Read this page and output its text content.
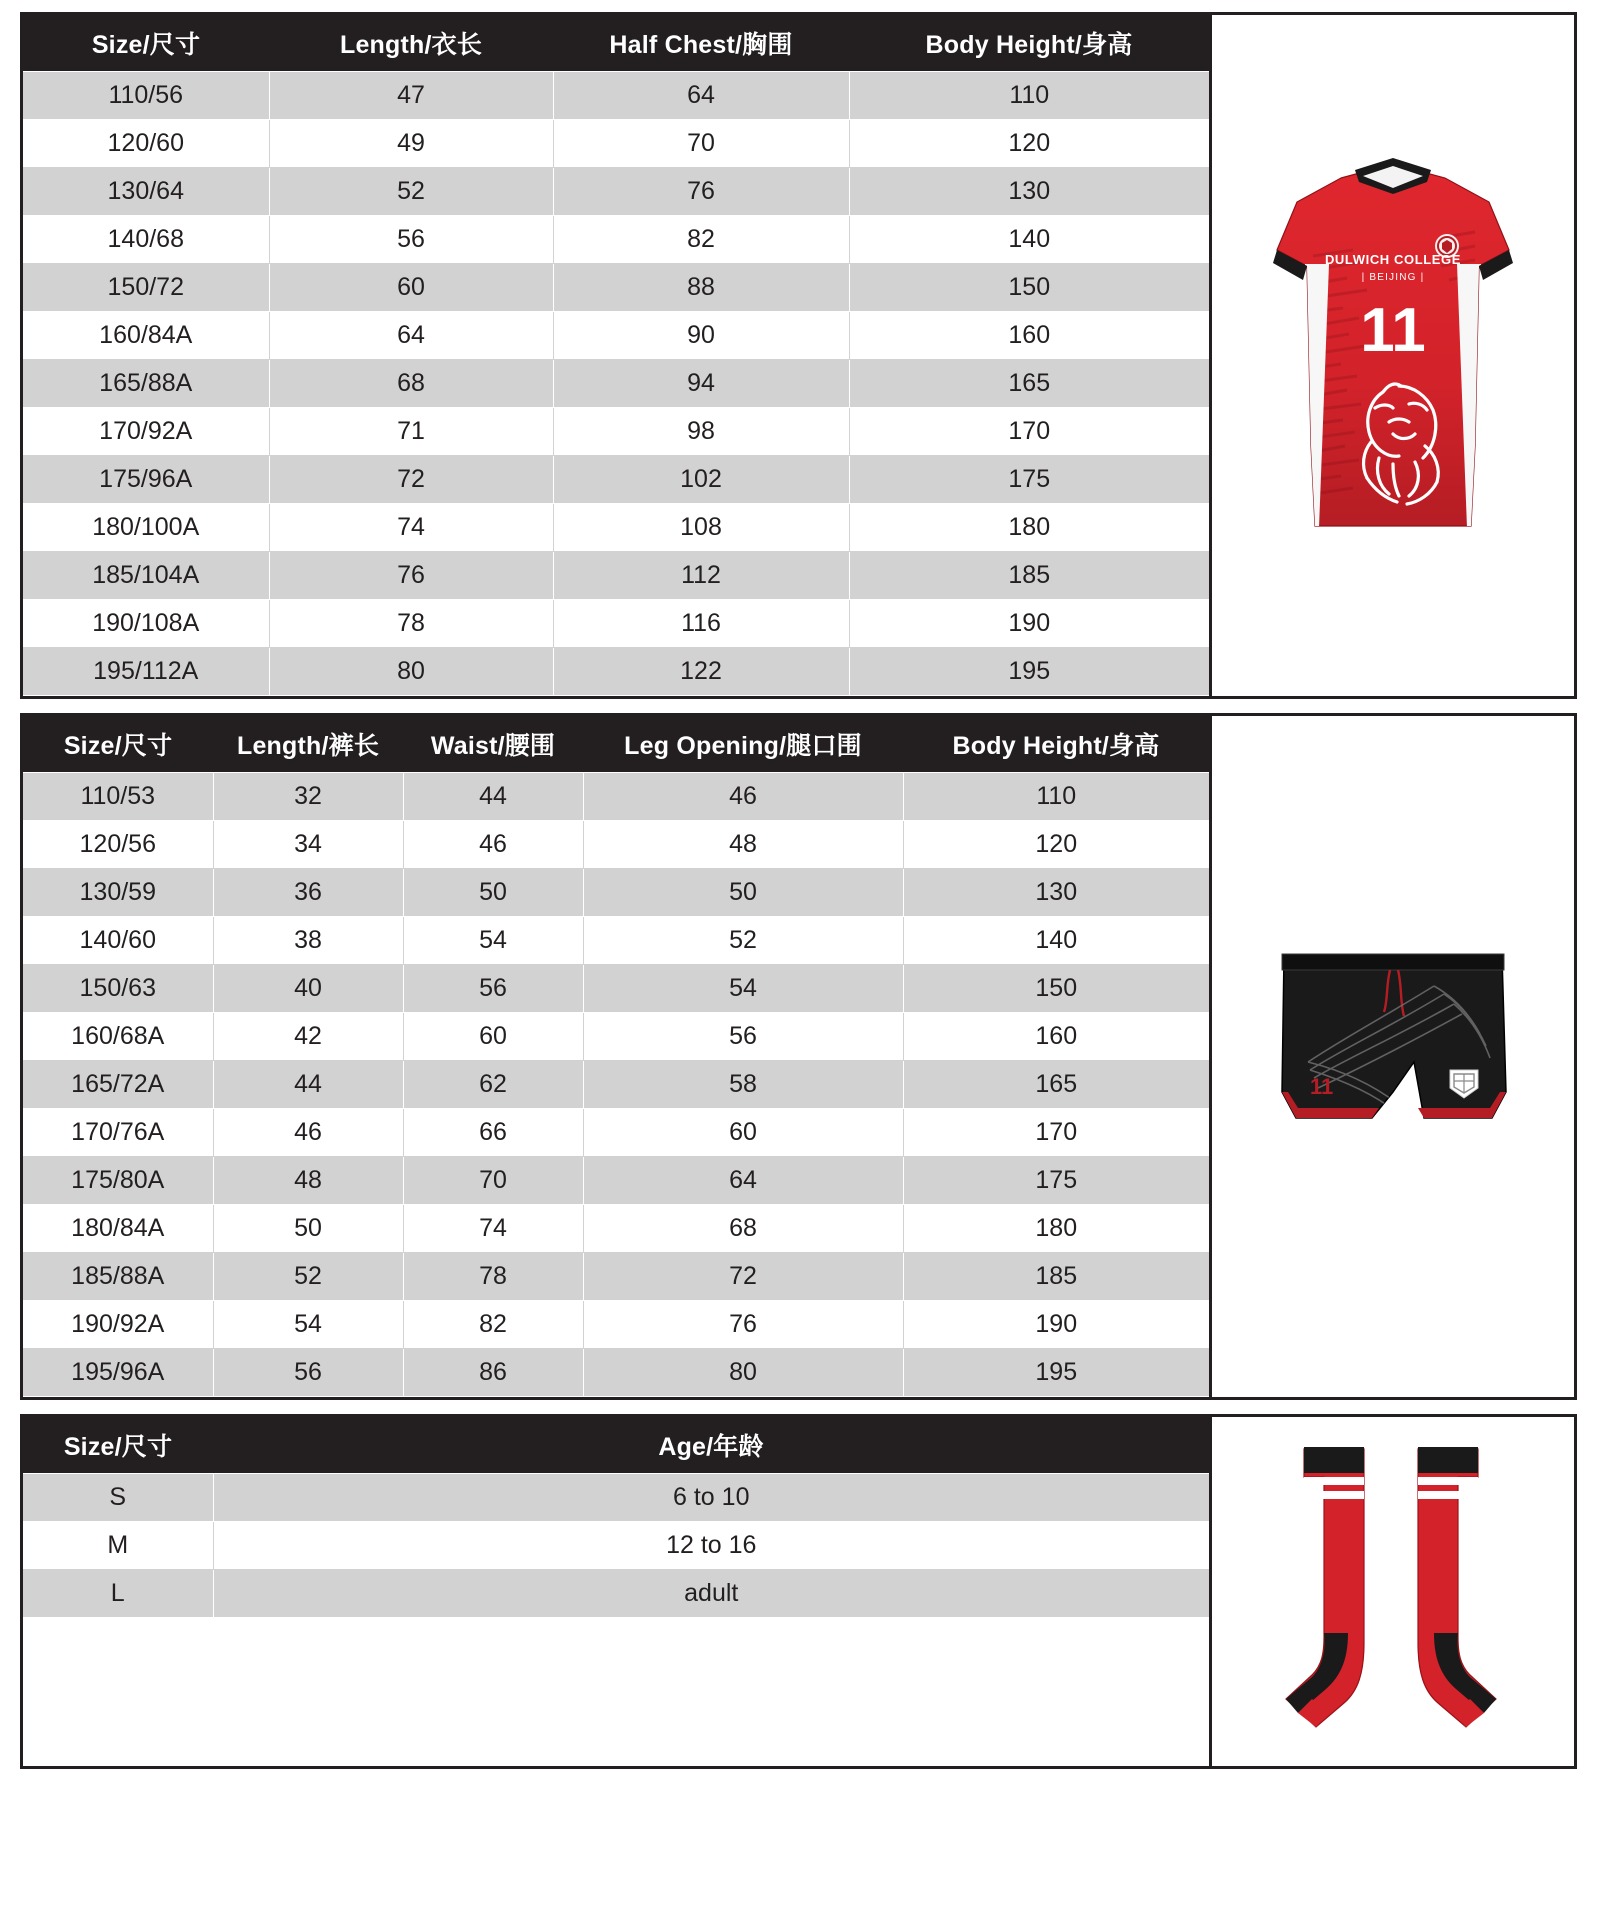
Size/尺寸	Length/衣长	Half Chest/胸围	Body Height/身高
110/56	47	64	110
120/60	49	70	120
130/64	52	76	130
140/68	56	82	140
150/72	60	88	150
160/84A	64	90	160
165/88A	68	94	165
170/92A	71	98	170
175/96A	72	102	175
180/100A	74	108	180
185/104A	76	112	185
190/108A	78	116	190
195/112A	80	122	195
DULWICH COLLEGE
| BEIJING |
11
Size/尺寸	Length/裤长	Waist/腰围	Leg Opening/腿口围	Body Height/身高
110/53	32	44	46	110
120/56	34	46	48	120
130/59	36	50	50	130
140/60	38	54	52	140
150/63	40	56	54	150
160/68A	42	60	56	160
165/72A	44	62	58	165
170/76A	46	66	60	170
175/80A	48	70	64	175
180/84A	50	74	68	180
185/88A	52	78	72	185
190/92A	54	82	76	190
195/96A	56	86	80	195
11
Size/尺寸	Age/年龄
S	6 to 10
M	12 to 16
L	adult
